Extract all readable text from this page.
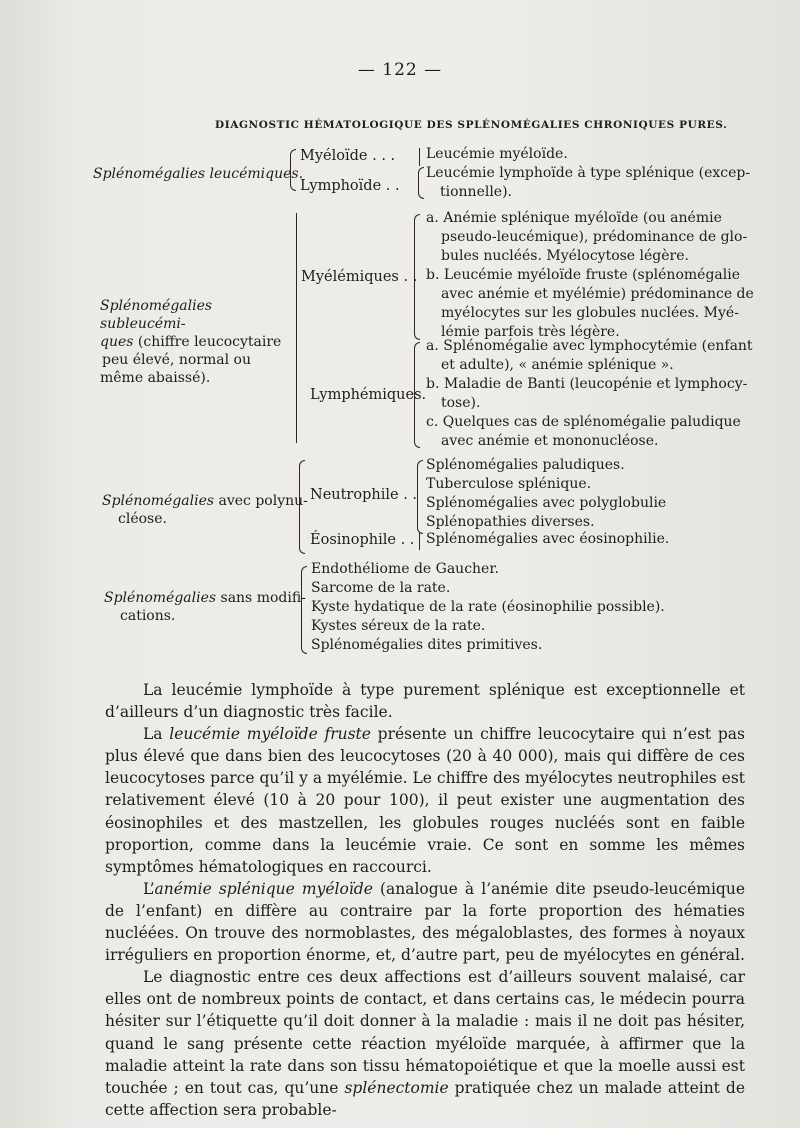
— 122 —
DIAGNOSTIC HÉMATOLOGIQUE DES SPLÉNOMÉGALIES CHRONIQUES PURES.
Splénomégalies leucémiques.
Myéloïde . . .
Lymphoïde . .
Leucémie myéloïde.
Leucémie lymphoïde à type splénique (excep-
tionnelle).
Splénomégalies subleucémi-
ques (chiffre leucocytaire
peu élevé, normal ou
même abaissé).
Myélémiques . .
a. Anémie splénique myéloïde (ou anémie
pseudo-leucémique), prédominance de glo-
bules nucléés. Myélocytose légère.
b. Leucémie myéloïde fruste (splénomégalie
avec anémie et myélémie) prédominance de
myélocytes sur les globules nuclées. Myé-
lémie parfois très légère.
Lymphémiques.
a. Splénomégalie avec lymphocytémie (enfant
et adulte), « anémie splénique ».
b. Maladie de Banti (leucopénie et lymphocy-
tose).
c. Quelques cas de splénomégalie paludique
avec anémie et mononucléose.
Splénomégalies avec polynu-
cléose.
Neutrophile . .
Splénomégalies paludiques.
Tuberculose splénique.
Splénomégalies avec polyglobulie
Splénopathies diverses.
Éosinophile . . Splénomégalies avec éosinophilie.
Splénomégalies sans modifi-
cations.
Endothéliome de Gaucher.
Sarcome de la rate.
Kyste hydatique de la rate (éosinophilie possible).
Kystes séreux de la rate.
Splénomégalies dites primitives.

La leucémie lymphoïde à type purement splénique est exceptionnelle et d’ailleurs d’un diagnostic très facile.

La leucémie myéloïde fruste présente un chiffre leucocytaire qui n’est pas plus élevé que dans bien des leucocytoses (20 à 40 000), mais qui diffère de ces leucocytoses parce qu’il y a myélémie. Le chiffre des myélocytes neutrophiles est relativement élevé (10 à 20 pour 100), il peut exister une augmentation des éosinophiles et des mastzellen, les globules rouges nucléés sont en faible proportion, comme dans la leucémie vraie. Ce sont en somme les mêmes symptômes hématologiques en raccourci.

L’anémie splénique myéloïde (analogue à l’anémie dite pseudo-leucémique de l’enfant) en diffère au contraire par la forte proportion des hématies nucléées. On trouve des normoblastes, des mégaloblastes, des formes à noyaux irréguliers en proportion énorme, et, d’autre part, peu de myélocytes en général.

Le diagnostic entre ces deux affections est d’ailleurs souvent malaisé, car elles ont de nombreux points de contact, et dans certains cas, le médecin pourra hésiter sur l’étiquette qu’il doit donner à la maladie : mais il ne doit pas hésiter, quand le sang présente cette réaction myéloïde marquée, à affirmer que la maladie atteint la rate dans son tissu hématopoiétique et que la moelle aussi est touchée ; en tout cas, qu’une splénectomie pratiquée chez un malade atteint de cette affection sera probable-
